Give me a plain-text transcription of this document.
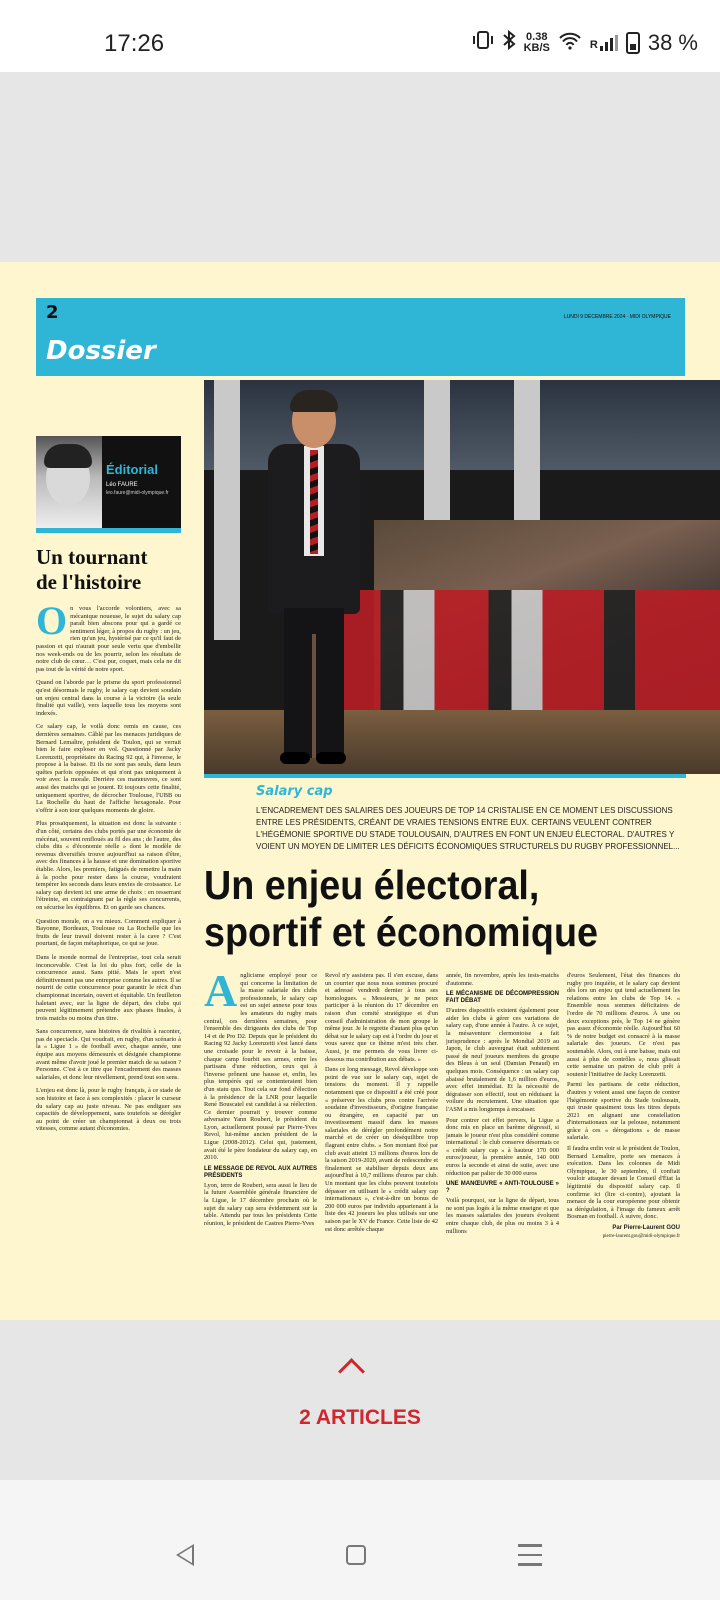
17:26	0.38
KB/S	R 38 %
2
Dossier
LUNDI 9 DÉCEMBRE 2024 · MIDI OLYMPIQUE
Éditorial
Léo FAURE
leo.faure@midi-olympique.fr
Un tournant
de l'histoire

On vous l'accorde volontiers, avec sa mécanique noueuse, le sujet du salary cap paraît bien abscons pour qui a gardé ce sentiment léger, à propos du rugby : un jeu, rien qu'un jeu, hystérisé par ce qu'il faut de passion et qui n'aurait pour seule vertu que d'embellir nos week-ends ou de les pourrir, selon les résultats de notre club de cœur… C'est pur, coquet, mais cela ne dit pas tout de la vérité de notre sport.

Quand on l'aborde par le prisme du sport professionnel qu'est désormais le rugby, le salary cap devient soudain un enjeu central dans la course à la victoire (la seule finalité qui vaille), vers laquelle tous les moyens sont indexés.

Ce salary cap, le voilà donc remis en cause, ces dernières semaines. Câblé par les menaces juridiques de Bernard Lemaître, président de Toulon, qui se verrait bien le faire exploser en vol. Questionné par Jacky Lorenzetti, propriétaire du Racing 92 qui, à l'inverse, le propose à la baisse. Et ils ne sont pas seuls, dans leurs quêtes parfois opposées et qui n'ont pas uniquement à voir avec la morale. Derrière ces manœuvres, ce sont aussi des matchs qui se jouent. Et toujours cette finalité, uniquement sportive, de décrocher Toulouse, l'UBB ou La Rochelle du haut de l'affiche hexagonale. Pour s'offrir à son tour quelques moments de gloire.

Plus prosaïquement, la situation est donc la suivante : d'un côté, certains des clubs portés par une économie de mécénat, souvent renfloués au fil des ans ; de l'autre, des clubs dits « d'économie réelle » dont le modèle de revenus diversifiés trouve aujourd'hui sa raison d'être, avec des finances à la hausse et une domination sportive établie. Alors, les premiers, fatigués de remettre la main à la poche pour rester dans la course, voudraient tempérer les seconds dans leurs envies de croissance. Le salary cap devient ici une arme de choix : en resserrant l'étreinte, en contraignant par la règle ses concurrents, on sécurise les équilibres. Et on garde ses chances.

Question morale, on a vu mieux. Comment expliquer à Bayonne, Bordeaux, Toulouse ou La Rochelle que les fruits de leur travail doivent rester à la cave ? C'est pourtant, de façon métaphorique, ce qui se joue.

Dans le monde normal de l'entreprise, tout cela serait inconcevable. C'est la loi du plus fort, celle de la concurrence aussi. Sans pitié. Mais le sport n'est définitivement pas une entreprise comme les autres. Il se nourrit de cette concurrence pour garantir le récit d'un championnat incertain, ouvert et équitable. Un feuilleton haletant avec, sur la ligne de départ, des clubs qui peuvent légitimement prétendre aux phases finales, à trois matchs ou moins d'un titre.

Sans concurrence, sans histoires de rivalités à raconter, pas de spectacle. Qui voudrait, en rugby, d'un scénario à la « Ligue 1 » de football avec, chaque année, une équipe aux moyens démesurés et désignée championne avant même d'avoir joué le premier match de sa saison ? Personne. C'est à ce titre que l'encadrement des masses salariales, et donc leur nivellement, prend tout son sens.

L'enjeu est donc là, pour le rugby français, à ce stade de son histoire et face à ses complexités : placer le curseur du salary cap au juste niveau. Ne pas endiguer ses capacités de développement, sans toutefois se dérégler au point de créer un championnat à deux ou trois vitesses, comme autant d'économies.

Salary cap
L'ENCADREMENT DES SALAIRES DES JOUEURS DE TOP 14 CRISTALISE EN CE MOMENT LES DISCUSSIONS ENTRE LES PRÉSIDENTS, CRÉANT DE VRAIES TENSIONS ENTRE EUX. CERTAINS VEULENT CONTRER L'HÉGÉMONIE SPORTIVE DU STADE TOULOUSAIN, D'AUTRES EN FONT UN ENJEU ÉLECTORAL. D'AUTRES Y VOIENT UN MOYEN DE LIMITER LES DÉFICITS ÉCONOMIQUES STRUCTURELS DU RUGBY PROFESSIONNEL...
Un enjeu électoral,
sportif et économique

Anglicisme employé pour ce qui concerne la limitation de la masse salariale des clubs professionnels, le salary cap est un sujet annexe pour tous les amateurs du rugby mais central, ces dernières semaines, pour l'ensemble des dirigeants des clubs de Top 14 et de Pro D2. Depuis que le président du Racing 92 Jacky Lorenzetti s'est lancé dans une croisade pour le revoir à la baisse, chaque camp fourbit ses armes, entre les partisans d'une réduction, ceux qui à l'inverse prônent une hausse et, enfin, les plus tempérés qui se contenteraient bien d'un statu quo. Tout cela sur fond d'élection à la présidence de la LNR pour laquelle René Bouscatel est candidat à sa réélection. Ce dernier pourrait y trouver comme adversaire Yann Roubert, le président du Lyon, actuellement poussé par Pierre-Yves Revol, lui-même ancien président de la Ligue (2008-2012). Celui qui, justement, avait été le père fondateur du salary cap, en 2010.

LE MESSAGE DE REVOL AUX AUTRES PRÉSIDENTS

Lyon, terre de Roubert, sera aussi le lieu de la future Assemblée générale financière de la Ligue, le 17 décembre prochain où le sujet du salary cap sera évidemment sur la table. Attendu par tous les présidents Cette réunion, le président de Castres Pierre-Yves

Revol n'y assistera pas. Il s'en excuse, dans un courrier que nous nous sommes procuré et adressé vendredi dernier à tous ses homologues. « Messieurs, je ne peux participer à la réunion du 17 décembre en raison d'un comité stratégique et d'un conseil d'administration de mon groupe le même jour. Je le regrette d'autant plus qu'un débat sur le salary cap est à l'ordre du jour et vous savez que ce thème m'est très cher. Aussi, je me permets de vous livrer ci-dessous ma contribution aux débats. »

Dans ce long message, Revol développe son point de vue sur le salary cap, sujet de tensions du moment. Il y rappelle notamment que ce dispositif a été créé pour « préserver les clubs pros contre l'arrivée soudaine d'investisseurs, d'origine française ou étrangère, en capacité par un investissement massif dans les masses salariales de dérégler profondément notre marché et de créer un déséquilibre trop flagrant entre clubs. » Son montant fixé par club avait atteint 13 millions d'euros lors de la saison 2019-2020, avant de redescendre et finalement se stabiliser depuis deux ans aujourd'hui à 10,7 millions d'euros par club. Un montant que les clubs peuvent toutefois dépasser en utilisant le « crédit salary cap internationaux », c'est-à-dire un bonus de 200 000 euros par individu appartenant à la liste des 42 joueurs les plus utilisés sur une saison par le XV de France. Cette liste de 42 est donc arrêtée chaque

année, fin novembre, après les tests-matchs d'automne.

LE MÉCANISME DE DÉCOMPRESSION FAIT DÉBAT

D'autres dispositifs existent également pour aider les clubs à gérer ces variations de salary cap, d'une année à l'autre. À ce sujet, la mésaventure clermontoise a fait jurisprudence : après le Mondial 2019 au Japon, le club auvergnat était subitement passé de neuf joueurs membres du groupe des Bleus à un seul (Damian Penaud) en quelques mois. Conséquence : un salary cap abaissé brutalement de 1,6 million d'euros, avec effet immédiat. Et la nécessité de dégraisser son effectif, tout en réduisant la voilure du recrutement. Une situation que l'ASM a mis longtemps à encaisser.

Pour contrer cet effet pervers, la Ligue a donc mis en place un barème dégressif, si jamais le joueur n'est plus considéré comme international : le club conserve désormais ce « crédit salary cap » à hauteur 170 000 euros/joueur, la première année, 140 000 euros la seconde et ainsi de suite, avec une réduction par palier de 30 000 euros

UNE MANŒUVRE « ANTI-TOULOUSE » ?

Voilà pourquoi, sur la ligne de départ, tous ne sont pas logés à la même enseigne et que les masses salariales des joueurs évoluent entre chaque club, de plus ou moins 3 à 4 millions

d'euros Seulement, l'état des finances du rugby pro inquiète, et le salary cap devient dès lors un enjeu qui tend actuellement les relations entre les clubs de Top 14. « Ensemble nous sommes déficitaires de l'ordre de 70 millions d'euros. À une ou deux exceptions près, le Top 14 ne génère pas assez d'économie réelle. Aujourd'hui 60 % de notre budget est consacré à la masse salariale des joueurs. Ce n'est pas soutenable. Alors, oui à une baisse, mais oui aussi à plus de contrôles », nous glissait cette semaine un patron de club prêt à soutenir l'initiative de Jacky Lorenzetti.

Parmi les partisans de cette réduction, d'autres y voient aussi une façon de contrer l'hégémonie sportive du Stade toulousain, qui truste quasiment tous les titres depuis 2021 en alignant une constellation d'internationaux sur la pelouse, notamment grâce à ces « dérogations » de masse salariale.

Il faudra enfin voir si le président de Toulon, Bernard Lemaître, porte ses menaces à exécution. Dans les colonnes de Midi Olympique, le 30 septembre, il confiait vouloir attaquer devant le Conseil d'État la légitimité du dispositif salary cap. Il confirme ici (lire ci-contre), ajoutant la menace de la cour européenne pour obtenir sa dérégulation, à l'image du fameux arrêt Bosman en football. À suivre, donc.

Par Pierre-Laurent GOU
pierre-laurent.gou@midi-olympique.fr
2 ARTICLES
